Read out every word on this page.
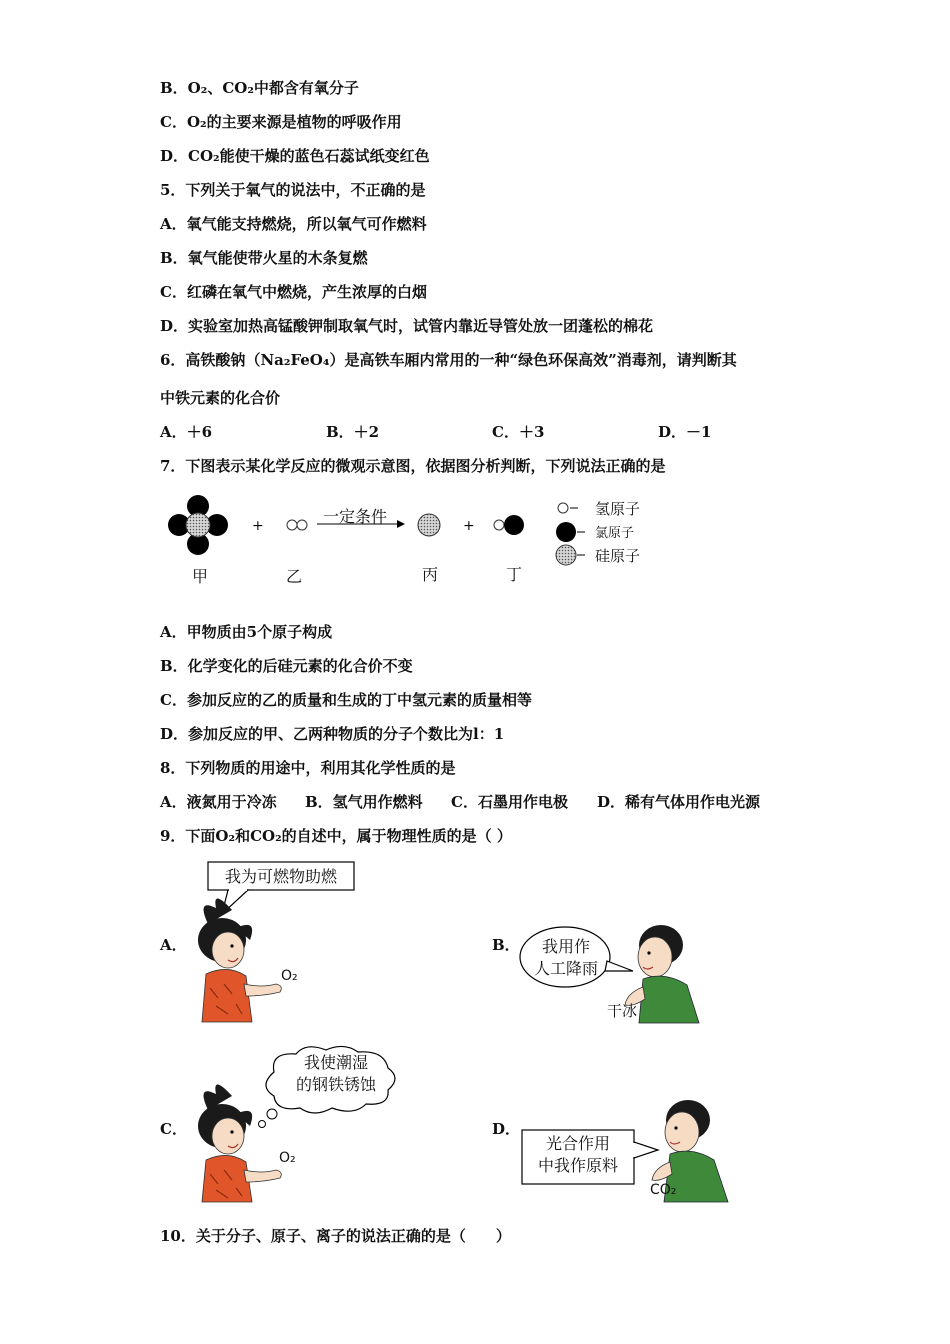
B．O₂、CO₂中都含有氧分子
C．O₂的主要来源是植物的呼吸作用
D．CO₂能使干燥的蓝色石蕊试纸变红色
5．下列关于氧气的说法中，不正确的是
A．氧气能支持燃烧，所以氧气可作燃料
B．氧气能使带火星的木条复燃
C．红磷在氧气中燃烧，产生浓厚的白烟
D．实验室加热高锰酸钾制取氧气时，试管内靠近导管处放一团蓬松的棉花
6．高铁酸钠（Na₂FeO₄）是高铁车厢内常用的一种“绿色环保高效”消毒剂，请判断其
中铁元素的化合价
A．＋6	B．＋2	C．＋3	D．－1
7．下图表示某化学反应的微观示意图，依据图分析判断，下列说法正确的是
+	+
一定条件
甲	乙	丙	丁
氢原子
氯原子
硅原子
A．甲物质由5个原子构成
B．化学变化的后硅元素的化合价不变
C．参加反应的乙的质量和生成的丁中氢元素的质量相等
D．参加反应的甲、乙两种物质的分子个数比为l：1
8．下列物质的用途中，利用其化学性质的是
A．液氮用于冷冻 B．氢气用作燃料 C．石墨用作电极 D．稀有气体用作电光源
9．下面O₂和CO₂的自述中，属于物理性质的是（ ）
A．
我为可燃物助燃
O₂
B．	我用作
人工降雨
干冰
C．
我使潮湿
的钢铁锈蚀
O₂
D．
光合作用
中我作原料
CO₂
10．关于分子、原子、离子的说法正确的是（　　）
